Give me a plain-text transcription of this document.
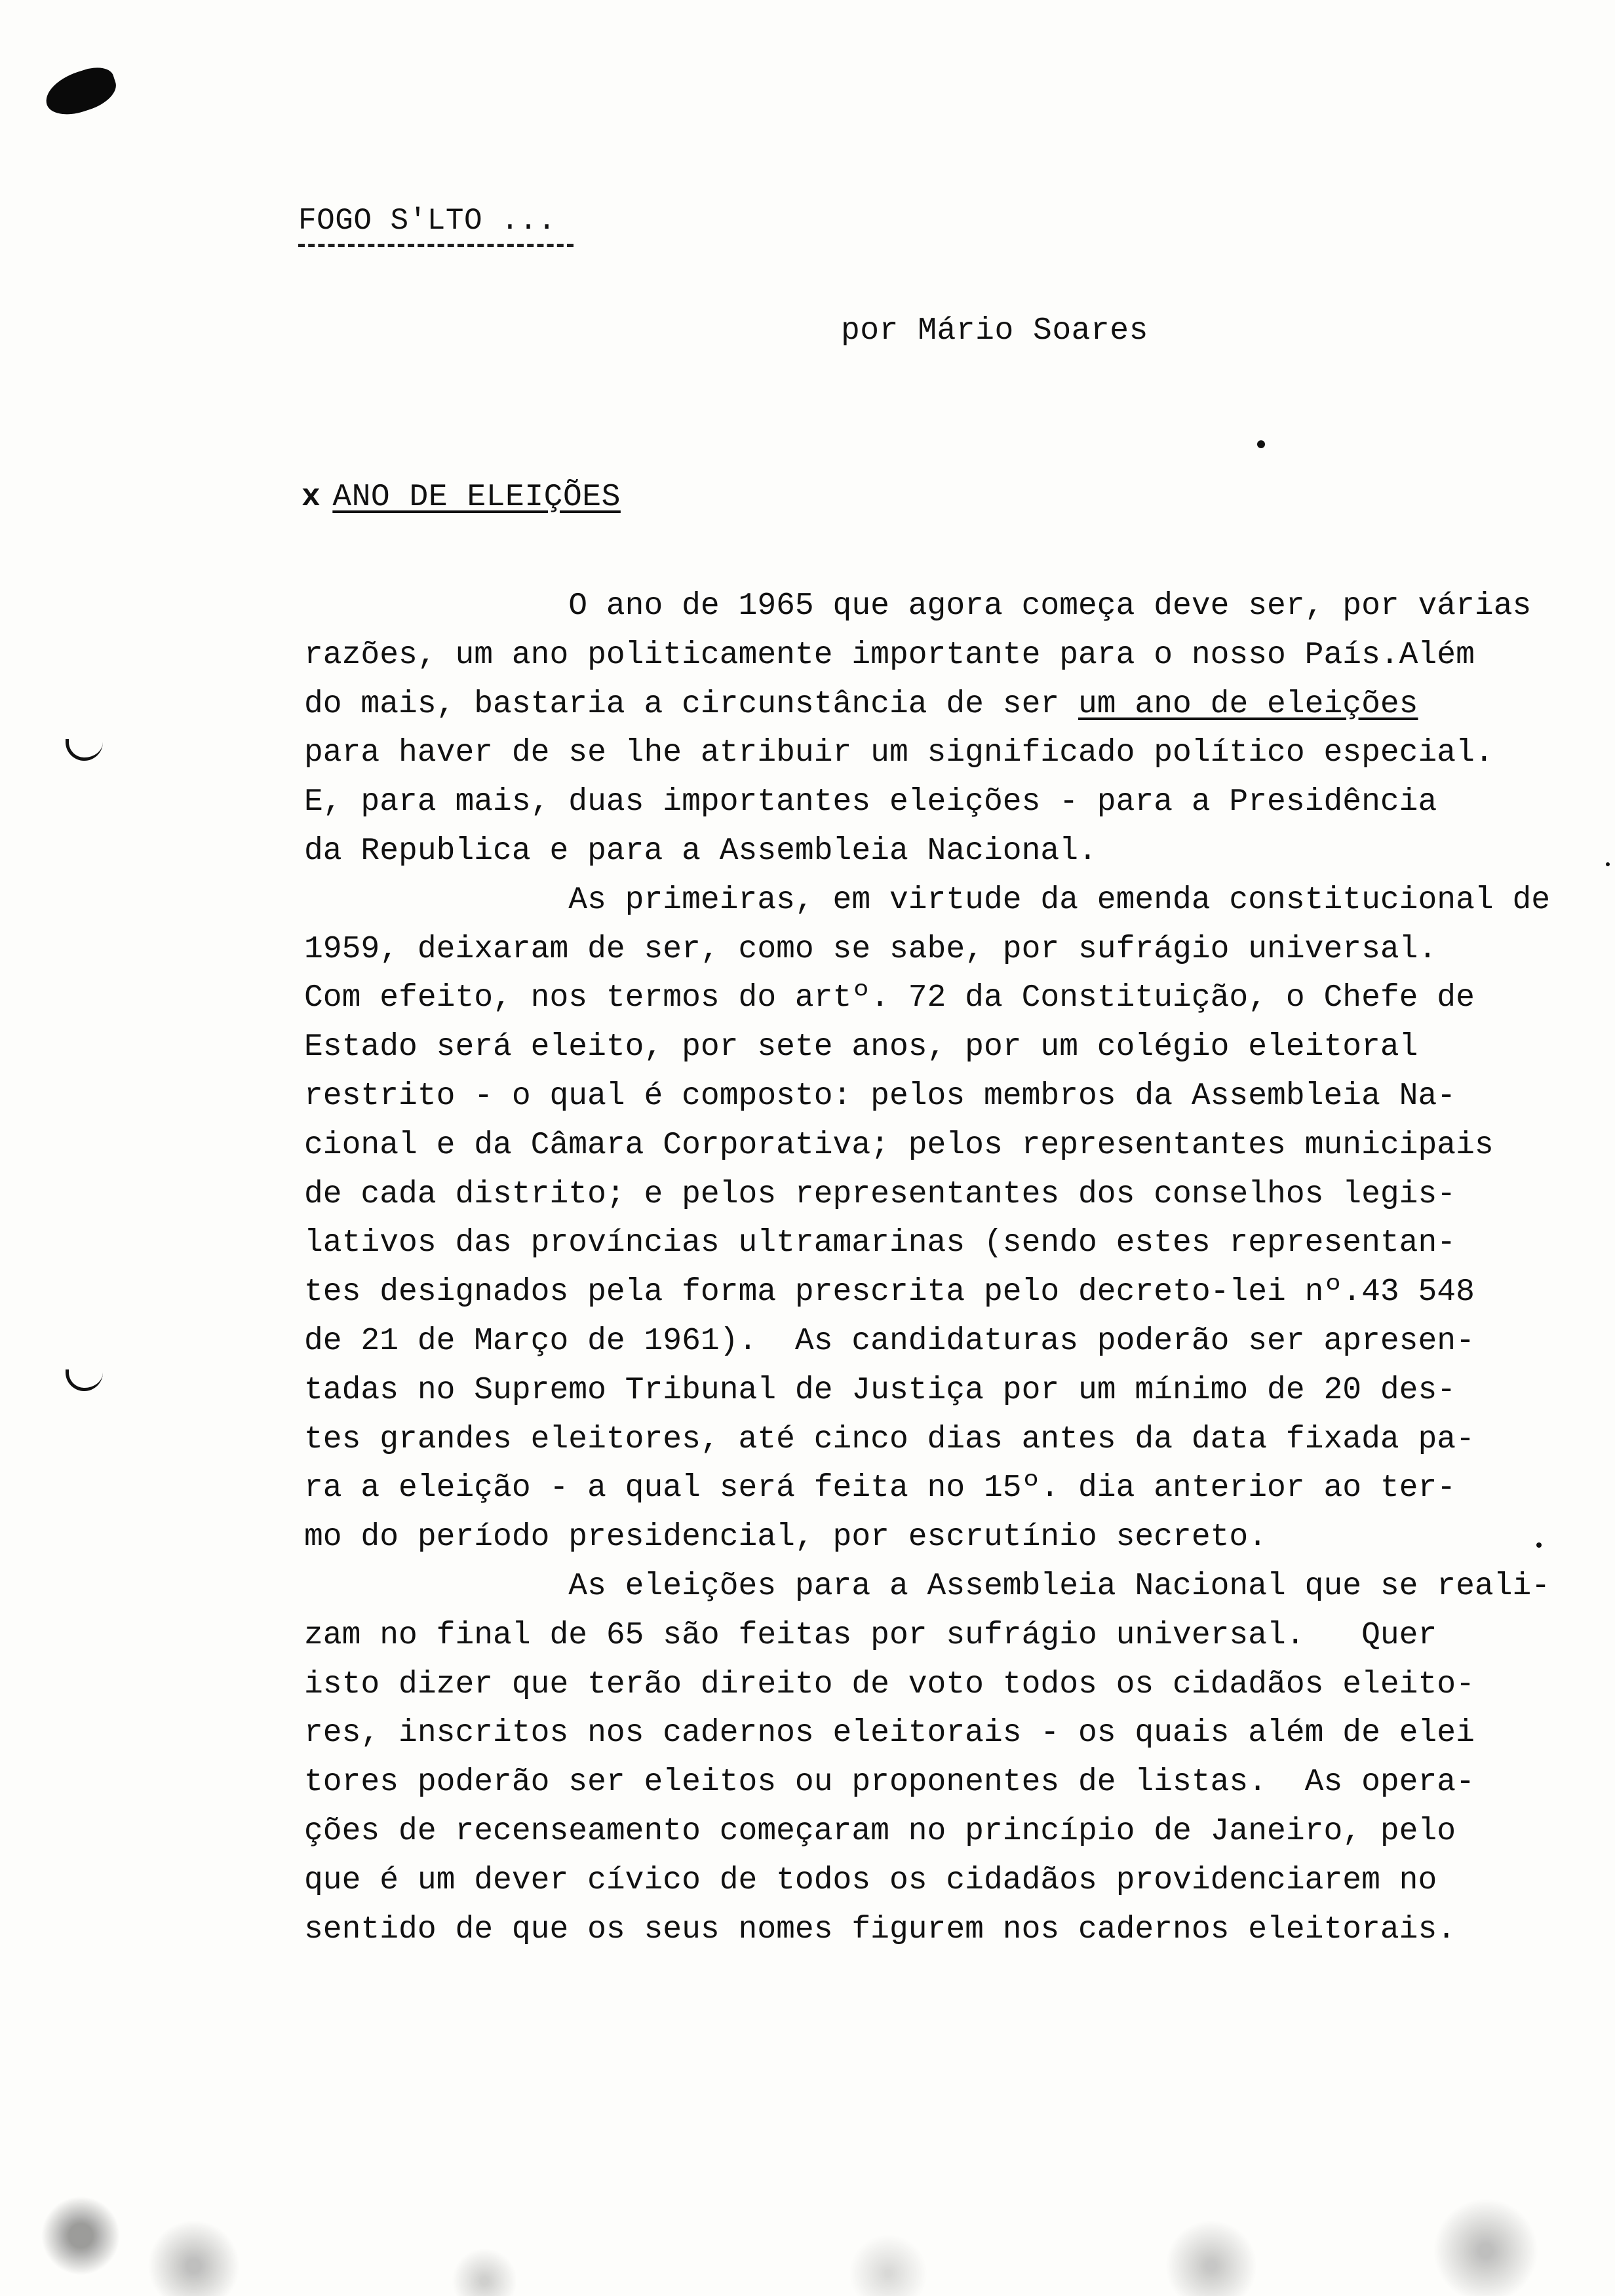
FOGO S'LTO ...
por Mário Soares
x ANO DE ELEIÇÕES
O ano de 1965 que agora começa deve ser, por várias
razões, um ano politicamente importante para o nosso País.Além
do mais, bastaria a circunstância de ser um ano de eleições
para haver de se lhe atribuir um significado político especial.
E, para mais, duas importantes eleições - para a Presidência
da Republica e para a Assembleia Nacional.
As primeiras, em virtude da emenda constitucional de
1959, deixaram de ser, como se sabe, por sufrágio universal.
Com efeito, nos termos do artº. 72 da Constituição, o Chefe de
Estado será eleito, por sete anos, por um colégio eleitoral
restrito - o qual é composto: pelos membros da Assembleia Na-
cional e da Câmara Corporativa; pelos representantes municipais
de cada distrito; e pelos representantes dos conselhos legis-
lativos das províncias ultramarinas (sendo estes representan-
tes designados pela forma prescrita pelo decreto-lei nº.43 548
de 21 de Março de 1961).  As candidaturas poderão ser apresen-
tadas no Supremo Tribunal de Justiça por um mínimo de 20 des-
tes grandes eleitores, até cinco dias antes da data fixada pa-
ra a eleição - a qual será feita no 15º. dia anterior ao ter-
mo do período presidencial, por escrutínio secreto.
As eleições para a Assembleia Nacional que se reali-
zam no final de 65 são feitas por sufrágio universal.   Quer
isto dizer que terão direito de voto todos os cidadãos eleito-
res, inscritos nos cadernos eleitorais - os quais além de elei
tores poderão ser eleitos ou proponentes de listas.  As opera-
ções de recenseamento começaram no princípio de Janeiro, pelo
que é um dever cívico de todos os cidadãos providenciarem no
sentido de que os seus nomes figurem nos cadernos eleitorais.
